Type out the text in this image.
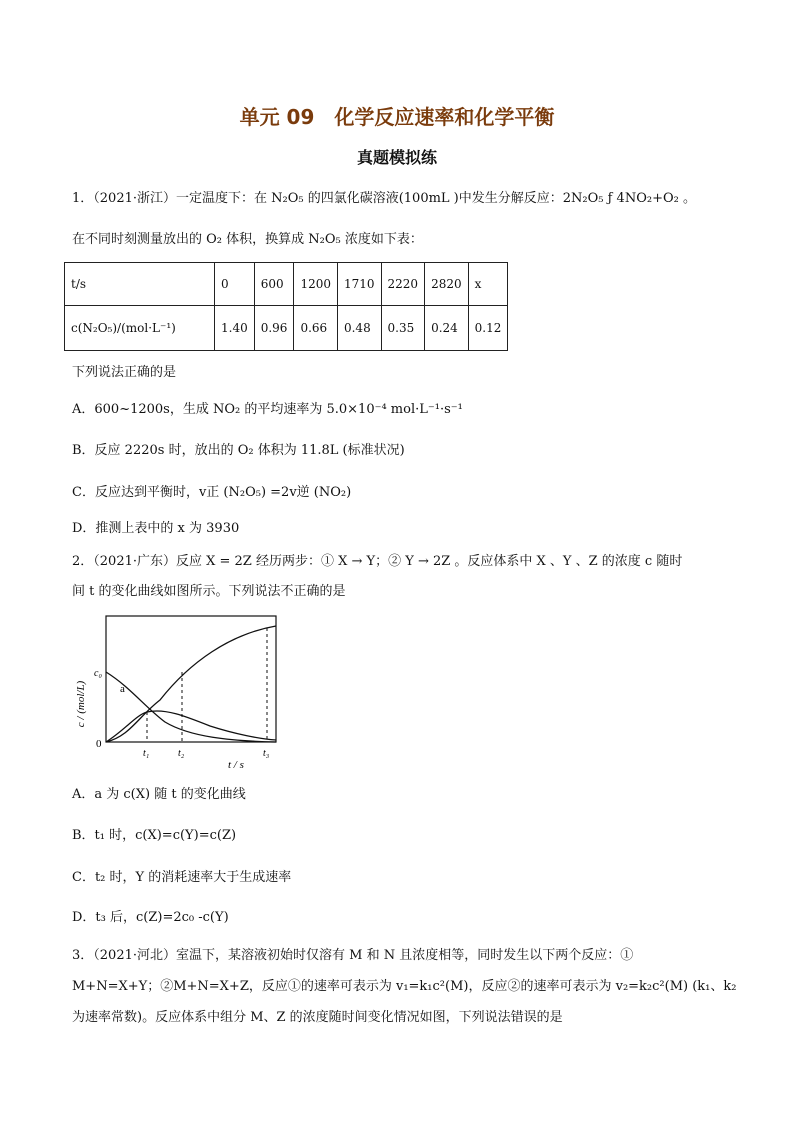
单元 09　化学反应速率和化学平衡
真题模拟练
1．（2021·浙江）一定温度下：在 N₂O₅ 的四氯化碳溶液(100mL )中发生分解反应：2N₂O₅ ƒ 4NO₂+O₂ 。
在不同时刻测量放出的 O₂ 体积，换算成 N₂O₅ 浓度如下表：
t/s	0	600	1200	1710	2220	2820	x
c(N₂O₅)/(mol·L⁻¹)	1.40	0.96	0.66	0.48	0.35	0.24	0.12
下列说法正确的是
A．600~1200s，生成 NO₂ 的平均速率为 5.0×10⁻⁴ mol·L⁻¹·s⁻¹
B．反应 2220s 时，放出的 O₂ 体积为 11.8L (标准状况)
C．反应达到平衡时，v正 (N₂O₅) =2v逆 (NO₂)
D．推测上表中的 x 为 3930
2．（2021·广东）反应 X = 2Z 经历两步：① X → Y；② Y → 2Z 。反应体系中 X 、Y 、Z 的浓度 c 随时
间 t 的变化曲线如图所示。下列说法不正确的是
c / (mol/L)
c₀
a
0
t₁	t₂	t₃
t / s
A．a 为 c(X) 随 t 的变化曲线
B．t₁ 时，c(X)=c(Y)=c(Z)
C．t₂ 时，Y 的消耗速率大于生成速率
D．t₃ 后，c(Z)=2c₀ -c(Y)
3．（2021·河北）室温下，某溶液初始时仅溶有 M 和 N 且浓度相等，同时发生以下两个反应：①
M+N=X+Y；②M+N=X+Z，反应①的速率可表示为 v₁=k₁c²(M)，反应②的速率可表示为 v₂=k₂c²(M) (k₁、k₂
为速率常数)。反应体系中组分 M、Z 的浓度随时间变化情况如图，下列说法错误的是
